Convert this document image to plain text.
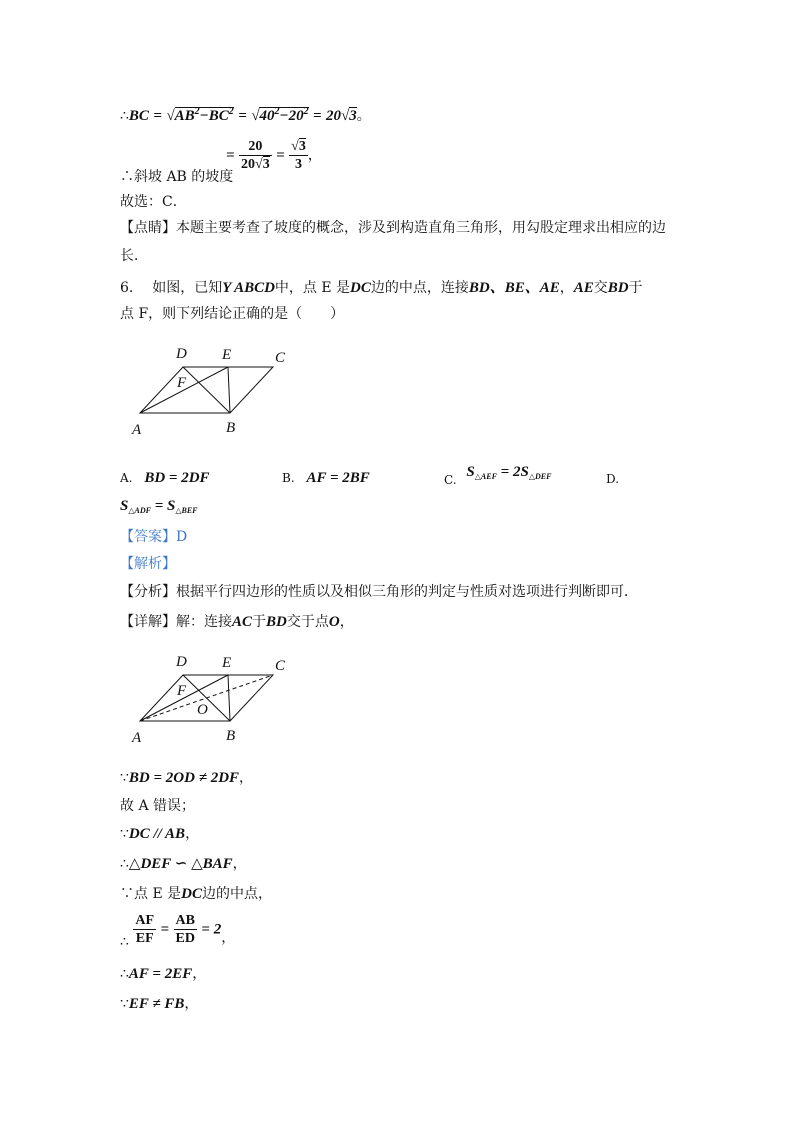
∴BC = $√AB^2-BC^2 = √40^2-20^2 = 20√3$。
= $\frac{20}{20√3} = \frac{√3}{3}$ ，
∴斜坡 AB 的坡度
故选：C．
【点睛】本题主要考查了坡度的概念，涉及到构造直角三角形，用勾股定理求出相应的边
长．
6. 如图，已知Y ABCD中，点 E 是DC边的中点，连接BD、BE、AE，AE交BD于
点 F，则下列结论正确的是（　　）
A	B
C
D E
F
A. BD = 2DF	B. AF = 2BF	C. $S_{\triangle AEF} = 2S_{\triangle DEF}$	D.
$S_{\triangle ADF} = S_{\triangle BEF}$
【答案】D
【解析】
【分析】根据平行四边形的性质以及相似三角形的判定与性质对选项进行判断即可．
【详解】解：连接AC于BD交于点O，
A	B
C
D E
F
O
∵BD = 2OD ≠ 2DF，
故 A 错误；
∵DC // AB，
∴△DEF ∽ △BAF，
∵点 E 是DC边的中点，
∴ $\frac{AF}{EF} = \frac{AB}{ED} = 2$，
∴AF = 2EF，
∵EF ≠ FB，
